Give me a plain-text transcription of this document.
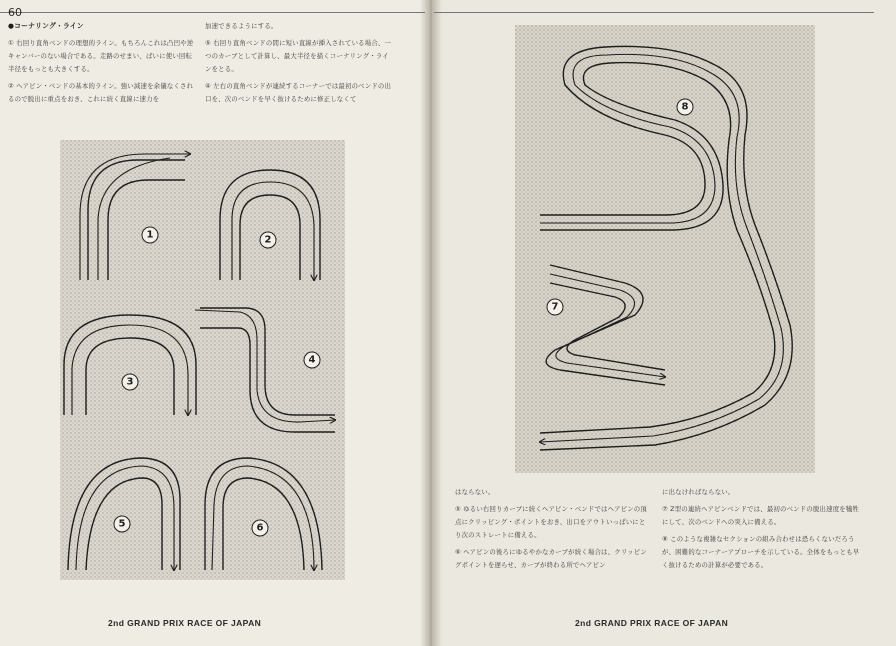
60

●コーナリング・ライン

① 右回り直角ベンドの理想的ライン。もちろんこれは凸凹や逆キャンバーのない場合である。走路のせまい、ばいに使い回転半径をもっとも大きくする。

② ヘアピン・ベンドの基本的ライン。強い減速を余儀なくされるので脱出に重点をおき、これに続く直線に速力を

加速できるようにする。

⑤ 右回り直角ベンドの間に短い直線が挿入されている場合、一つのカーブとして計算し、最大半径を描くコーナリング・ラインをとる。

④ 左右の直角ベンドが連続するコーナーでは最初のベンドの出口を、次のベンドを早く抜けるために修正しなくて

1	2
3
4
5	6
2nd GRAND PRIX RACE OF JAPAN
8
7

はならない。

⑤ ゆるい右回りカーブに続くヘアピン・ベンドではヘアピンの頂点にクリッピング・ポイントをおき、出口をアウトいっぱいにとり次のストレートに備える。

⑥ ヘアピンの後ろにゆるやかなカーブが続く場合は、クリッピングポイントを遅らせ、カーブが終わる所でヘアピン

に出なければならない。

⑦ Z型の連続ヘアピンベンドでは、最初のベンドの脱出速度を犠牲にして、次のベンドへの突入に備える。

⑧ このような複雑なセクションの組み合わせは恐らくないだろうが、困難的なコーナーアプローチを示している。全体をもっとも早く抜けるための計算が必要である。

2nd GRAND PRIX RACE OF JAPAN
